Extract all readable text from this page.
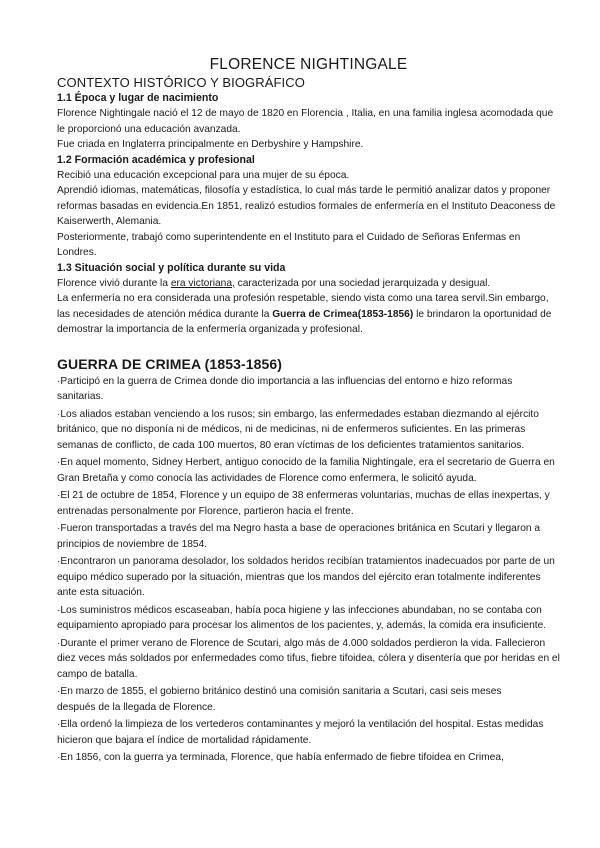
FLORENCE NIGHTINGALE
CONTEXTO HISTÓRICO Y BIOGRÁFICO
1.1 Época y lugar de nacimiento

Florence Nightingale nació el 12 de mayo de 1820 en Florencia , Italia, en una familia inglesa acomodada que le proporcionó una educación avanzada.

Fue criada en Inglaterra principalmente en Derbyshire y Hampshire.

1.2 Formación académica y profesional

Recibió una educación excepcional para una mujer de su época.

Aprendió idiomas, matemáticas, filosofía y estadística, lo cual más tarde le permitió analizar datos y proponer reformas basadas en evidencia.En 1851, realizó estudios formales de enfermería en el Instituto Deaconess de Kaiserwerth, Alemania.

Posteriormente, trabajó como superintendente en el Instituto para el Cuidado de Señoras Enfermas en Londres.

1.3 Situación social y política durante su vida

Florence vivió durante la era victoriana, caracterizada por una sociedad jerarquizada y desigual.

La enfermería no era considerada una profesión respetable, siendo vista como una tarea servil.Sin embargo, las necesidades de atención médica durante la Guerra de Crimea(1853-1856) le brindaron la oportunidad de demostrar la importancia de la enfermería organizada y profesional.

GUERRA DE CRIMEA (1853-1856)

·Participó en la guerra de Crimea donde dio importancia a las influencias del entorno e hizo reformas sanitarias.

·Los aliados estaban venciendo a los rusos; sin embargo, las enfermedades estaban diezmando al ejército británico, que no disponía ni de médicos, ni de medicinas, ni de enfermeros suficientes. En las primeras semanas de conflicto, de cada 100 muertos, 80 eran víctimas de los deficientes tratamientos sanitarios.

·En aquel momento, Sidney Herbert, antiguo conocido de la familia Nightingale, era el secretario de Guerra en Gran Bretaña y como conocía las actividades de Florence como enfermera, le solicitó ayuda.

·El 21 de octubre de 1854, Florence y un equipo de 38 enfermeras voluntarias, muchas de ellas inexpertas, y entrenadas personalmente por Florence, partieron hacia el frente.

·Fueron transportadas a través del ma Negro hasta a base de operaciones británica en Scutari y llegaron a principios de noviembre de 1854.

·Encontraron un panorama desolador, los soldados heridos recibían tratamientos inadecuados por parte de un equipo médico superado por la situación, mientras que los mandos del ejército eran totalmente indiferentes ante esta situación.

·Los suministros médicos escaseaban, había poca higiene y las infecciones abundaban, no se contaba con equipamiento apropiado para procesar los alimentos de los pacientes, y, además, la comida era insuficiente.

·Durante el primer verano de Florence de Scutari, algo más de 4.000 soldados perdieron la vida. Fallecieron diez veces más soldados por enfermedades como tifus, fiebre tifoidea, cólera y disentería que por heridas en el campo de batalla.

·En marzo de 1855, el gobierno británico destinó una comisión sanitaria a Scutari, casi seis meses

después de la llegada de Florence.

·Ella ordenó la limpieza de los vertederos contaminantes y mejoró la ventilación del hospital. Estas medidas hicieron que bajara el índice de mortalidad rápidamente.

·En 1856, con la guerra ya terminada, Florence, que había enfermado de fiebre tifoidea en Crimea,
